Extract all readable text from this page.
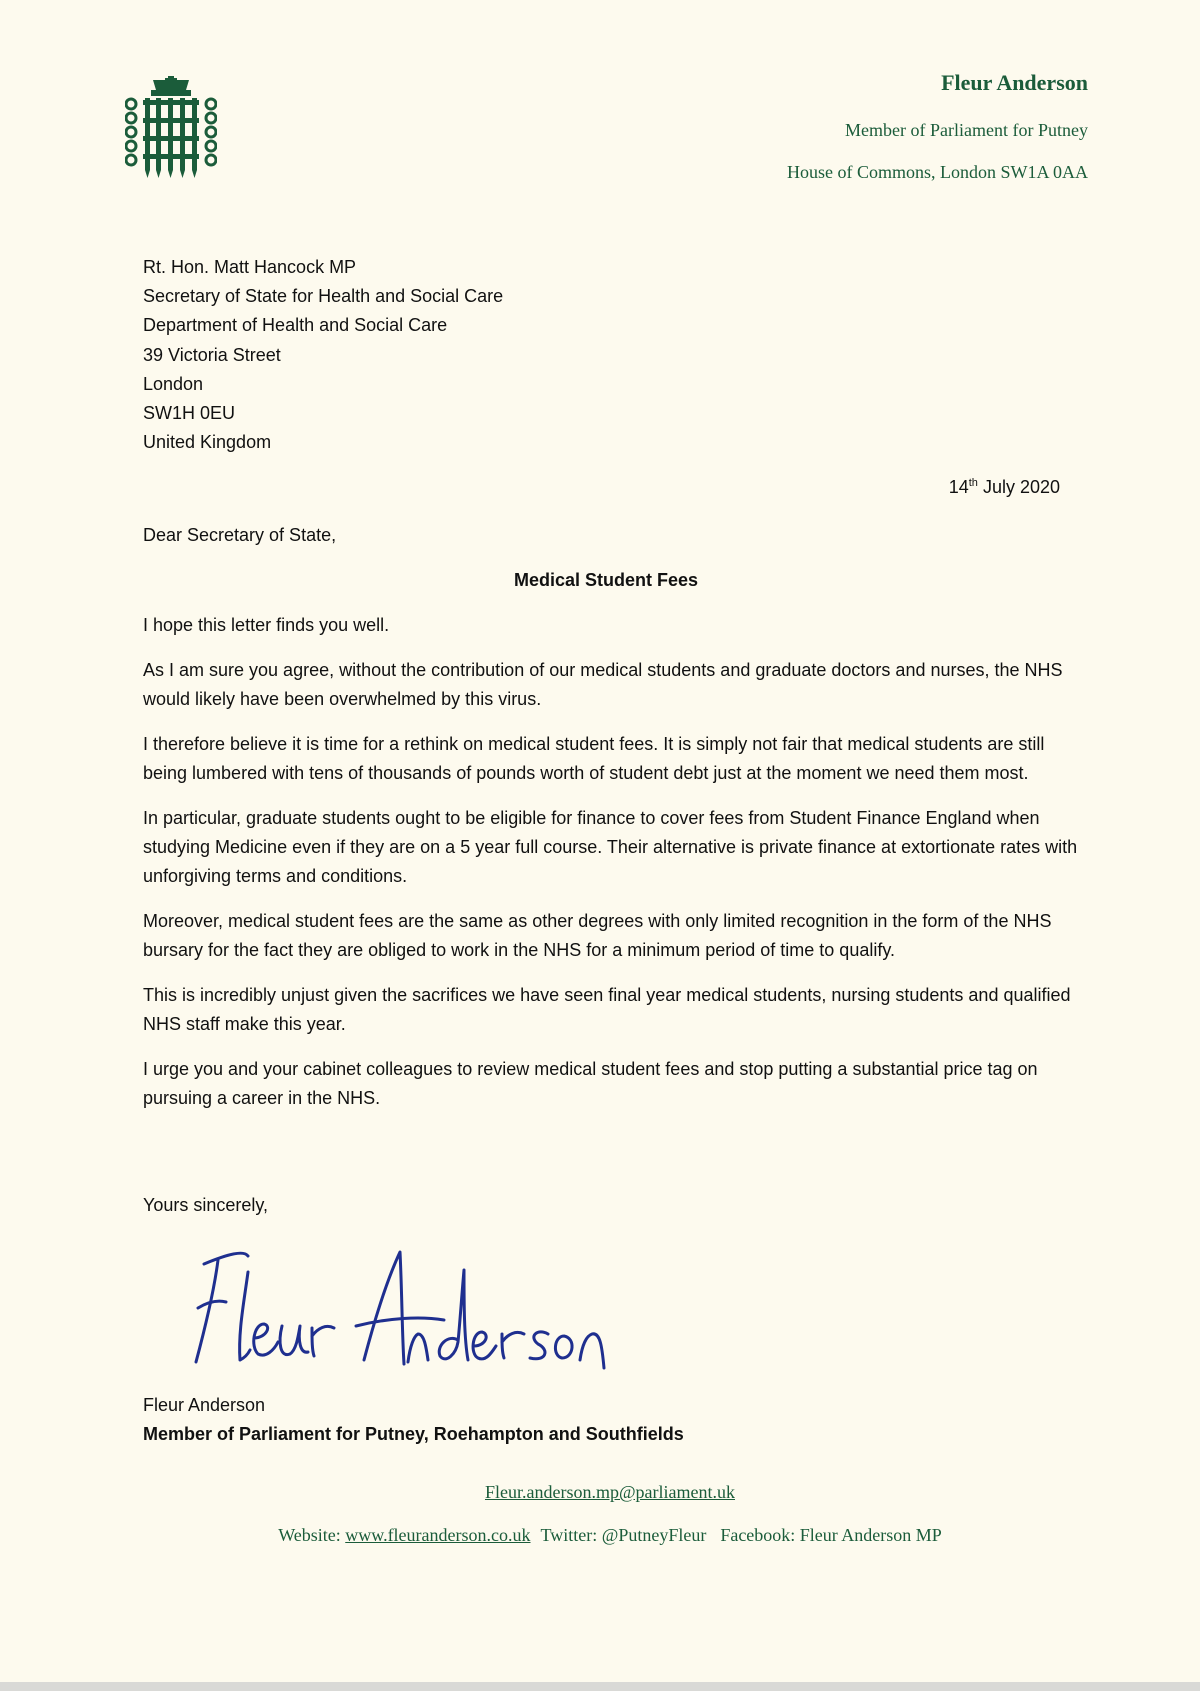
Fleur Anderson
Member of Parliament for Putney
House of Commons, London SW1A 0AA
Rt. Hon. Matt Hancock MP
Secretary of State for Health and Social Care
Department of Health and Social Care
39 Victoria Street
London
SW1H 0EU
United Kingdom
14th July 2020
Dear Secretary of State,
Medical Student Fees

I hope this letter finds you well.

As I am sure you agree, without the contribution of our medical students and graduate doctors and nurses, the NHS would likely have been overwhelmed by this virus.

I therefore believe it is time for a rethink on medical student fees. It is simply not fair that medical students are still being lumbered with tens of thousands of pounds worth of student debt just at the moment we need them most.

In particular, graduate students ought to be eligible for finance to cover fees from Student Finance England when studying Medicine even if they are on a 5 year full course. Their alternative is private finance at extortionate rates with unforgiving terms and conditions.

Moreover, medical student fees are the same as other degrees with only limited recognition in the form of the NHS bursary for the fact they are obliged to work in the NHS for a minimum period of time to qualify.

This is incredibly unjust given the sacrifices we have seen final year medical students, nursing students and qualified NHS staff make this year.

I urge you and your cabinet colleagues to review medical student fees and stop putting a substantial price tag on pursuing a career in the NHS.

Yours sincerely,
Fleur Anderson
Member of Parliament for Putney, Roehampton and Southfields
Fleur.anderson.mp@parliament.uk
Website: www.fleuranderson.co.uk Twitter: @PutneyFleur Facebook: Fleur Anderson MP
